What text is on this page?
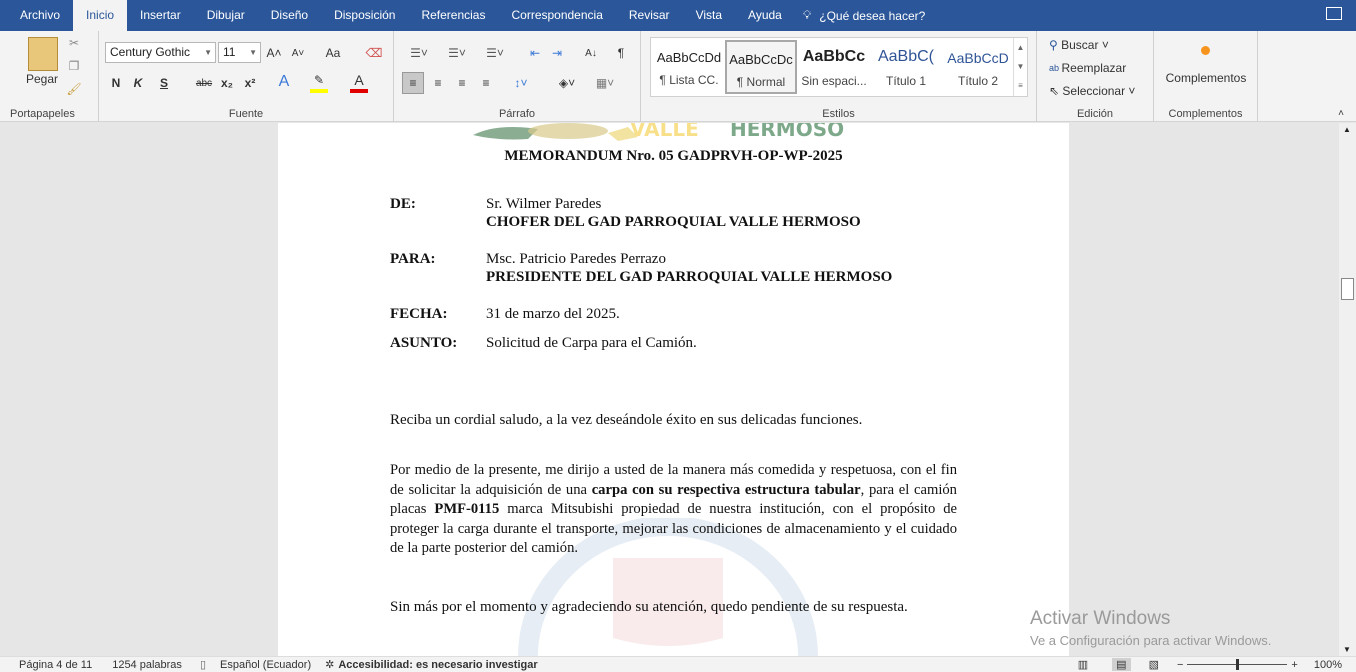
Archivo	Inicio	Insertar	Dibujar	Diseño	Disposición	Referencias	Correspondencia	Revisar	Vista	Ayuda	💡︎ ¿Qué desea hacer?
Pegar
✂
❐
🖌︎
Portapapeles
Century Gothic ▼ 11 ▼ A˄ A˅	Aa	⌫
N	K	S	abc x₂ x² A	✎	A
Fuente
☰˅	☰˅	☰˅	⇤ ⇥	A↓	¶
≡	≡	≡	≡	↕˅	◈˅	▦˅
Párrafo	Estilos
AaBbCcDd
¶ Lista CC.
AaBbCcDc
¶ Normal
AaBbCc
Sin espaci...
AaBbC(
Título 1
AaBbCcD
Título 2
▲
▼
≡
⚲ Buscar ˅
ab Reemplazar
⇖ Seleccionar ˅
Edición
Complementos
Complementos	˄
VALLE HERMOSO
MEMORANDUM Nro. 05 GADPRVH-OP-WP-2025
DE:	Sr. Wilmer Paredes
CHOFER DEL GAD PARROQUIAL VALLE HERMOSO
PARA:	Msc. Patricio Paredes Perrazo
PRESIDENTE DEL GAD PARROQUIAL VALLE HERMOSO
FECHA:	31 de marzo del 2025.
ASUNTO: Solicitud de Carpa para el Camión.
Reciba un cordial saludo, a la vez deseándole éxito en sus delicadas funciones.
Por medio de la presente, me dirijo a usted de la manera más comedida y respetuosa, con el fin de solicitar la adquisición de una carpa con su respectiva estructura tabular, para el camión placas PMF-0115 marca Mitsubishi propiedad de nuestra institución, con el propósito de proteger la carga durante el transporte, mejorar las condiciones de almacenamiento y el cuidado de la parte posterior del camión.
Sin más por el momento y agradeciendo su atención, quedo pendiente de su respuesta.
Activar Windows
Ve a Configuración para activar Windows.
▲
▼
Página 4 de 11 1254 palabras ▯ Español (Ecuador) ✲ Accesibilidad: es necesario investigar	▥	▤	▧ −	+ 100%
